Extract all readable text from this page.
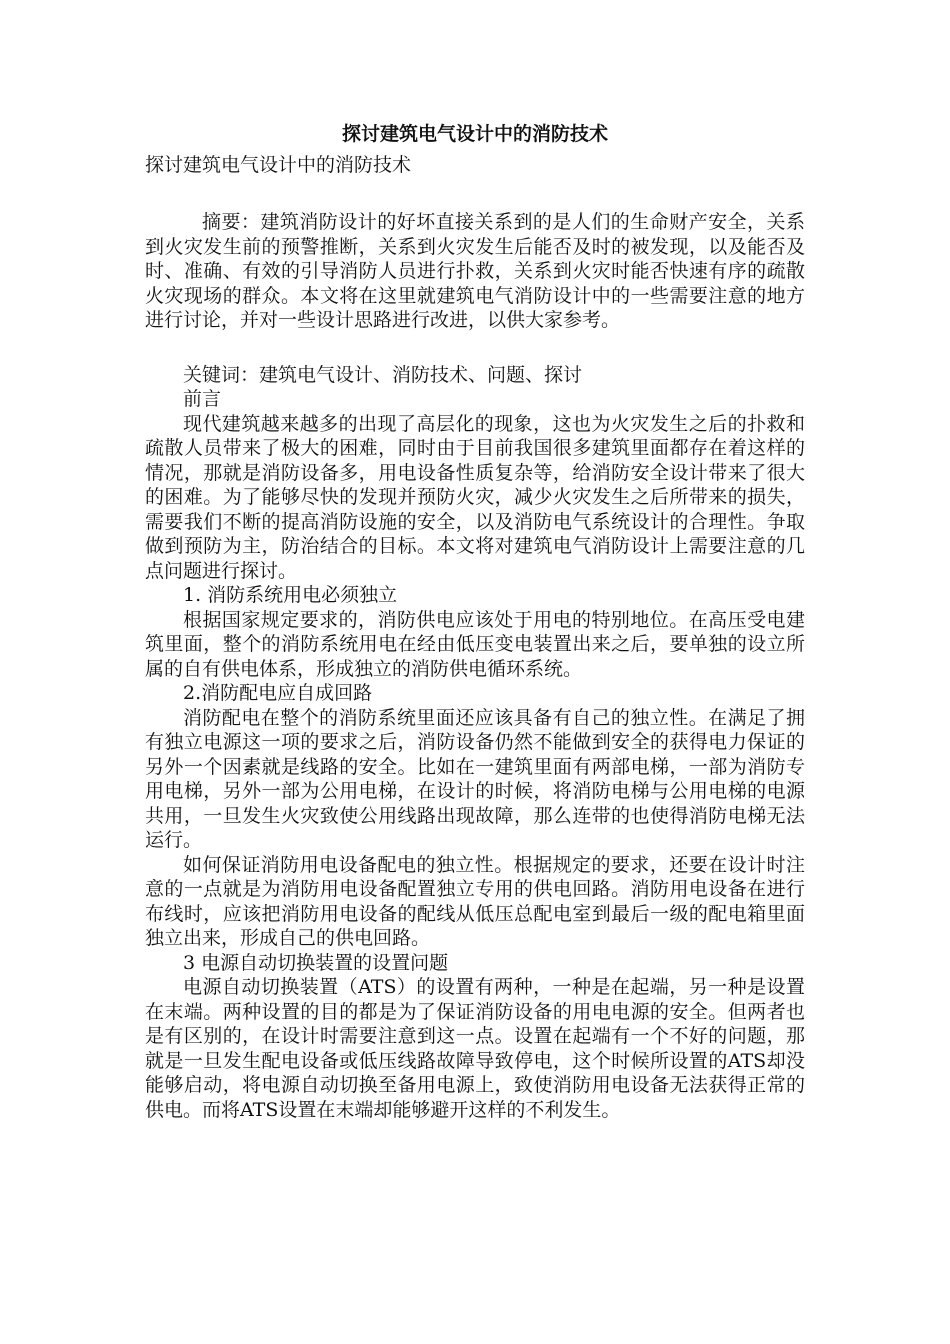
探讨建筑电气设计中的消防技术
探讨建筑电气设计中的消防技术

摘要：建筑消防设计的好坏直接关系到的是人们的生命财产安全，关系到火灾发生前的预警推断，关系到火灾发生后能否及时的被发现，以及能否及时、准确、有效的引导消防人员进行扑救，关系到火灾时能否快速有序的疏散火灾现场的群众。本文将在这里就建筑电气消防设计中的一些需要注意的地方进行讨论，并对一些设计思路进行改进，以供大家参考。

关键词：建筑电气设计、消防技术、问题、探讨
前言

现代建筑越来越多的出现了高层化的现象，这也为火灾发生之后的扑救和疏散人员带来了极大的困难，同时由于目前我国很多建筑里面都存在着这样的情况，那就是消防设备多，用电设备性质复杂等，给消防安全设计带来了很大的困难。为了能够尽快的发现并预防火灾，减少火灾发生之后所带来的损失，需要我们不断的提高消防设施的安全，以及消防电气系统设计的合理性。争取做到预防为主，防治结合的目标。本文将对建筑电气消防设计上需要注意的几点问题进行探讨。

1. 消防系统用电必须独立

根据国家规定要求的，消防供电应该处于用电的特别地位。在高压受电建筑里面，整个的消防系统用电在经由低压变电装置出来之后，要单独的设立所属的自有供电体系，形成独立的消防供电循环系统。

2.消防配电应自成回路

消防配电在整个的消防系统里面还应该具备有自己的独立性。在满足了拥有独立电源这一项的要求之后，消防设备仍然不能做到安全的获得电力保证的另外一个因素就是线路的安全。比如在一建筑里面有两部电梯，一部为消防专用电梯，另外一部为公用电梯，在设计的时候，将消防电梯与公用电梯的电源共用，一旦发生火灾致使公用线路出现故障，那么连带的也使得消防电梯无法运行。

如何保证消防用电设备配电的独立性。根据规定的要求，还要在设计时注意的一点就是为消防用电设备配置独立专用的供电回路。消防用电设备在进行布线时，应该把消防用电设备的配线从低压总配电室到最后一级的配电箱里面独立出来，形成自己的供电回路。

3 电源自动切换装置的设置问题

电源自动切换装置（ATS）的设置有两种，一种是在起端，另一种是设置在末端。两种设置的目的都是为了保证消防设备的用电电源的安全。但两者也是有区别的，在设计时需要注意到这一点。设置在起端有一个不好的问题，那就是一旦发生配电设备或低压线路故障导致停电，这个时候所设置的ATS却没能够启动，将电源自动切换至备用电源上，致使消防用电设备无法获得正常的供电。而将ATS设置在末端却能够避开这样的不利发生。
